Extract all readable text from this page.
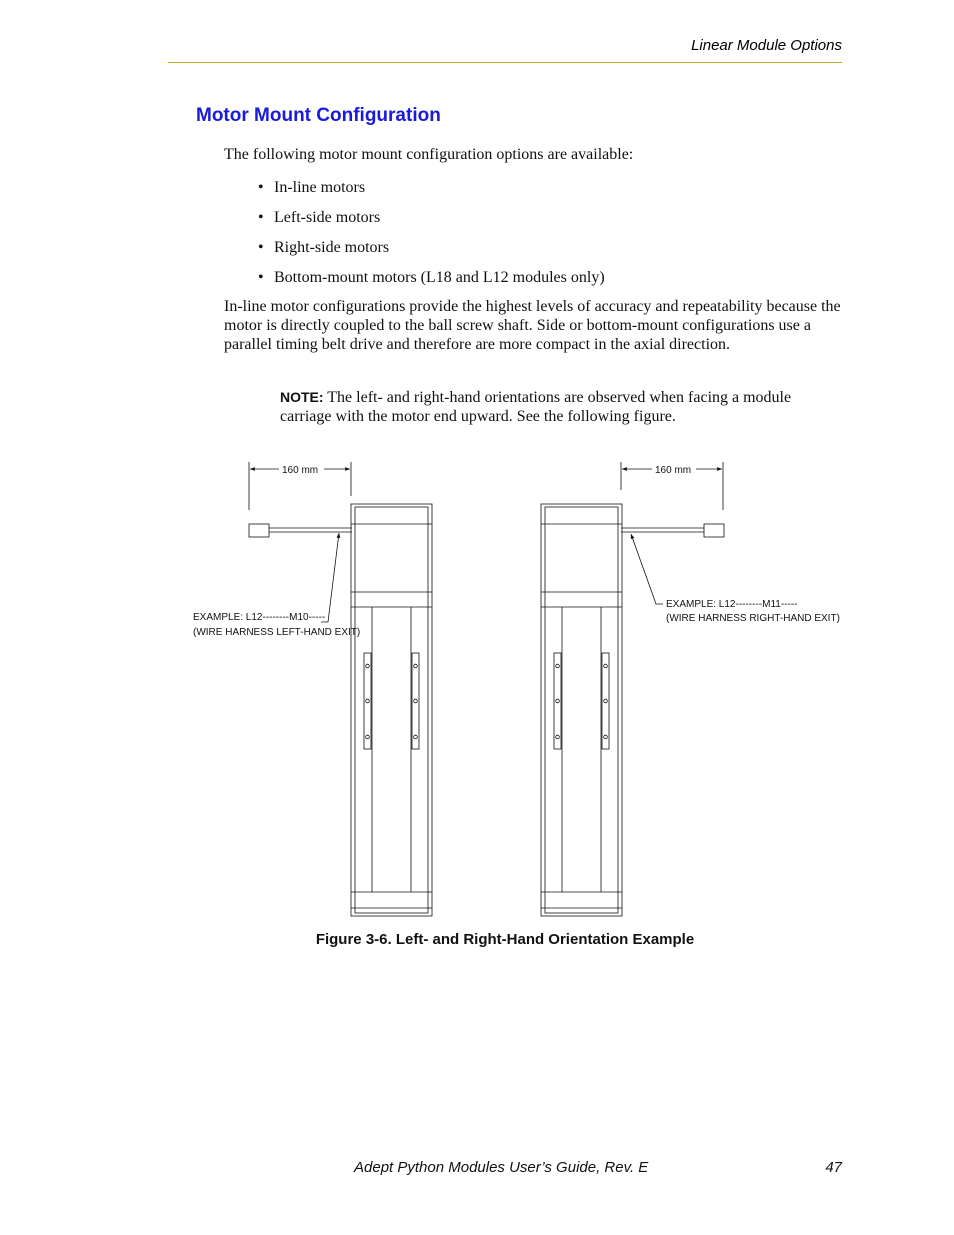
Linear Module Options
Motor Mount Configuration

The following motor mount configuration options are available:

• In-line motors
• Left-side motors
• Right-side motors
• Bottom-mount motors (L18 and L12 modules only)

In-line motor configurations provide the highest levels of accuracy and repeatability because the motor is directly coupled to the ball screw shaft. Side or bottom-mount configurations use a parallel timing belt drive and therefore are more compact in the axial direction.

NOTE: The left- and right-hand orientations are observed when facing a module carriage with the motor end upward. See the following figure.

160 mm	160 mm
EXAMPLE: L12--------M10-----
(WIRE HARNESS LEFT-HAND EXIT)
EXAMPLE: L12--------M11-----
(WIRE HARNESS RIGHT-HAND EXIT)
Figure 3-6. Left- and Right-Hand Orientation Example
Adept Python Modules User’s Guide, Rev. E	47
